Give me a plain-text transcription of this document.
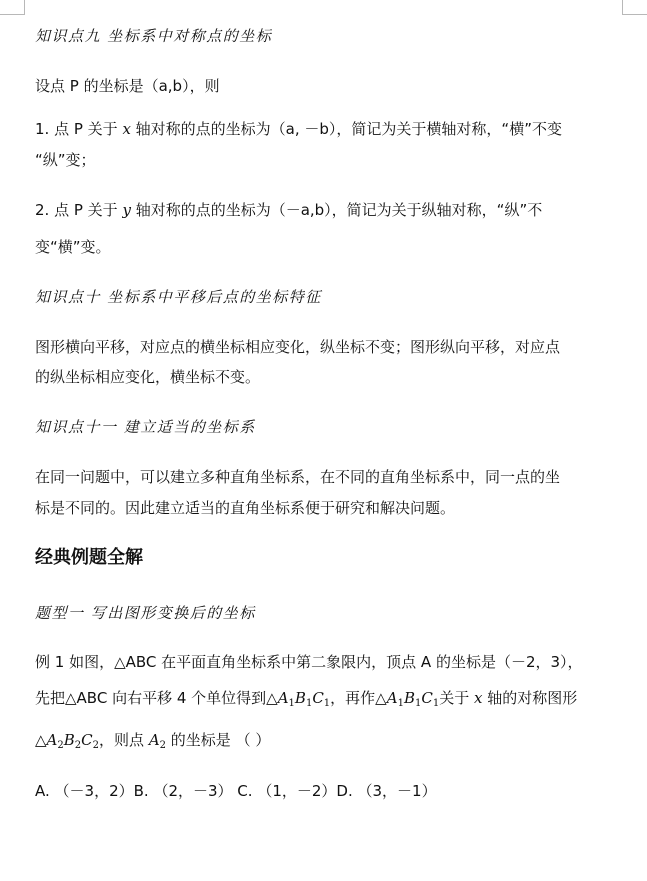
知识点九 坐标系中对称点的坐标
设点 P 的坐标是（a,b），则
1. 点 P 关于 x 轴对称的点的坐标为（a, －b），简记为关于横轴对称，“横”不变
“纵”变；
2. 点 P 关于 y 轴对称的点的坐标为（－a,b），简记为关于纵轴对称，“纵”不
变“横”变。
知识点十 坐标系中平移后点的坐标特征
图形横向平移，对应点的横坐标相应变化，纵坐标不变；图形纵向平移，对应点
的纵坐标相应变化，横坐标不变。
知识点十一 建立适当的坐标系
在同一问题中，可以建立多种直角坐标系，在不同的直角坐标系中，同一点的坐
标是不同的。因此建立适当的直角坐标系便于研究和解决问题。
经典例题全解
题型一 写出图形变换后的坐标
例 1 如图，△ABC 在平面直角坐标系中第二象限内，顶点 A 的坐标是（－2，3），
先把△ABC 向右平移 4 个单位得到$\triangle A_1B_1C_1$，再作$\triangle A_1B_1C_1$关于 x 轴的对称图形
$\triangle A_2B_2C_2$，则点 $A_2$ 的坐标是 （ ）
A. （－3，2）B. （2，－3） C. （1，－2）D. （3，－1）
